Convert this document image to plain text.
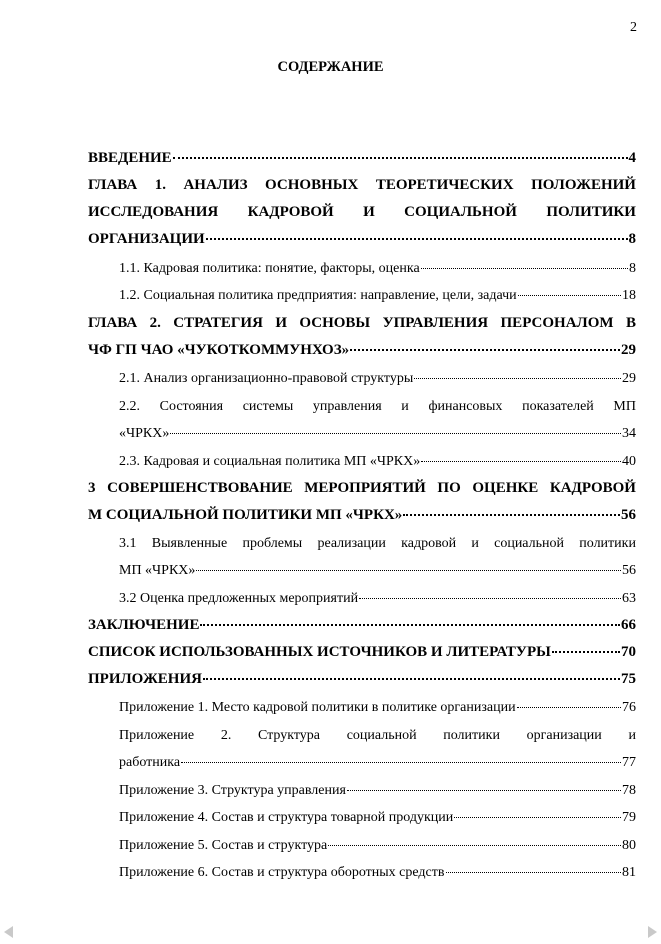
2
СОДЕРЖАНИЕ
ВВЕДЕНИЕ	4
ГЛАВА 1. АНАЛИЗ ОСНОВНЫХ ТЕОРЕТИЧЕСКИХ ПОЛОЖЕНИЙ
ИССЛЕДОВАНИЯ КАДРОВОЙ И СОЦИАЛЬНОЙ ПОЛИТИКИ
ОРГАНИЗАЦИИ	8
1.1. Кадровая политика: понятие, факторы, оценка	8
1.2. Социальная политика предприятия: направление, цели, задачи	18
ГЛАВА 2. СТРАТЕГИЯ И ОСНОВЫ УПРАВЛЕНИЯ ПЕРСОНАЛОМ В
ЧФ ГП ЧАО «ЧУКОТКОММУНХОЗ»	29
2.1. Анализ организационно-правовой структуры	29
2.2. Состояния системы управления и финансовых показателей МП
«ЧРКХ»	34
2.3. Кадровая и социальная политика МП «ЧРКХ»	40
3 СОВЕРШЕНСТВОВАНИЕ МЕРОПРИЯТИЙ ПО ОЦЕНКЕ КАДРОВОЙ
М СОЦИАЛЬНОЙ ПОЛИТИКИ МП «ЧРКХ»	56
3.1 Выявленные проблемы реализации кадровой и социальной политики
МП «ЧРКХ»	56
3.2 Оценка предложенных мероприятий	63
ЗАКЛЮЧЕНИЕ	66
СПИСОК ИСПОЛЬЗОВАННЫХ ИСТОЧНИКОВ И ЛИТЕРАТУРЫ	70
ПРИЛОЖЕНИЯ	75
Приложение 1. Место кадровой политики в политике организации	76
Приложение 2. Структура социальной политики организации и
работника	77
Приложение 3. Структура управления	78
Приложение 4. Состав и структура товарной продукции	79
Приложение 5. Состав и структура	80
Приложение 6. Состав и структура оборотных средств	81
